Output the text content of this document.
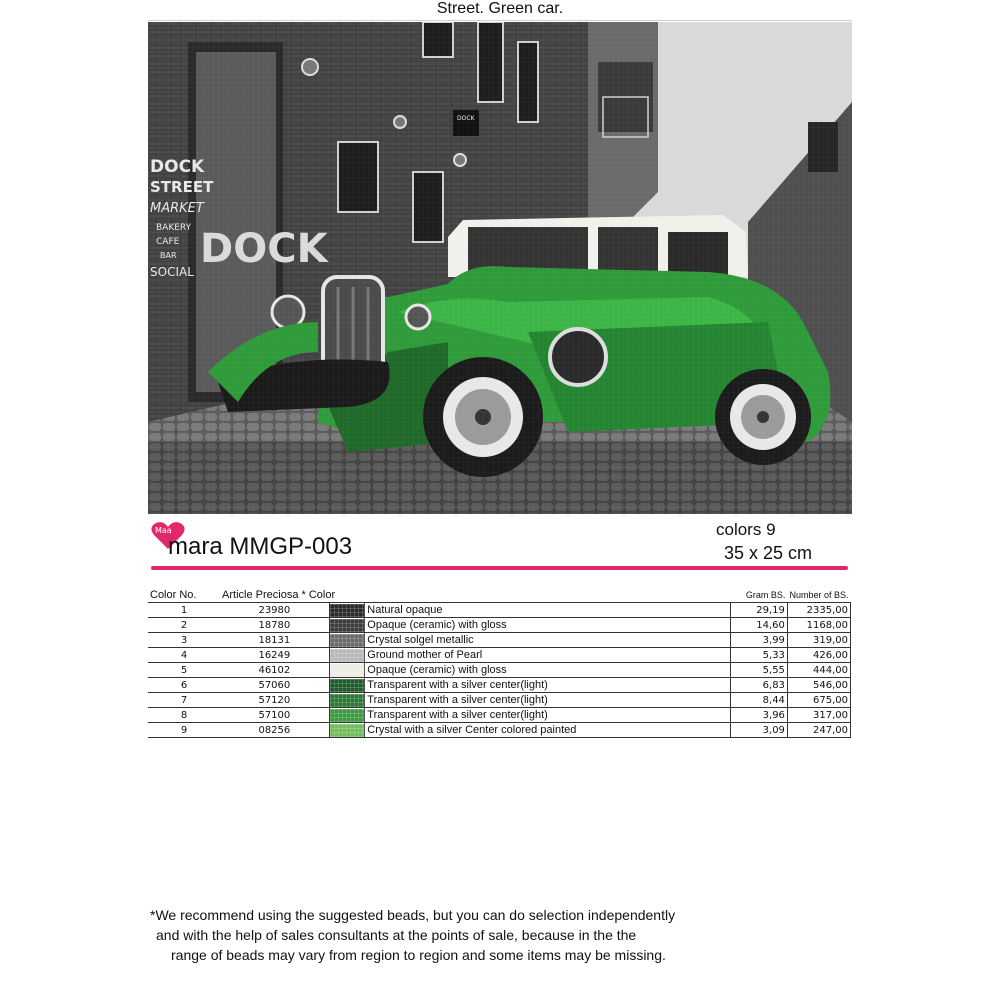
Street. Green car.
DOCK
DOCK
STREET
MARKET
BAKERY
CAFE
BAR
SOCIAL DOCK
Maa
mara MMGP-003
colors 9
35 x 25 cm
Color No.	Article Preciosa * Color			Gram BS.	Number of BS.
1	23980		Natural opaque	29,19	2335,00
2	18780		Opaque (ceramic) with gloss	14,60	1168,00
3	18131		Crystal solgel metallic	3,99	319,00
4	16249		Ground mother of Pearl	5,33	426,00
5	46102		Opaque (ceramic) with gloss	5,55	444,00
6	57060		Transparent with a silver center(light)	6,83	546,00
7	57120		Transparent with a silver center(light)	8,44	675,00
8	57100		Transparent with a silver center(light)	3,96	317,00
9	08256		Crystal with a silver Center colored painted	3,09	247,00
*We recommend using the suggested beads, but you can do selection independently
and with the help of sales consultants at the points of sale, because in the the
range of beads may vary from region to region and some items may be missing.
